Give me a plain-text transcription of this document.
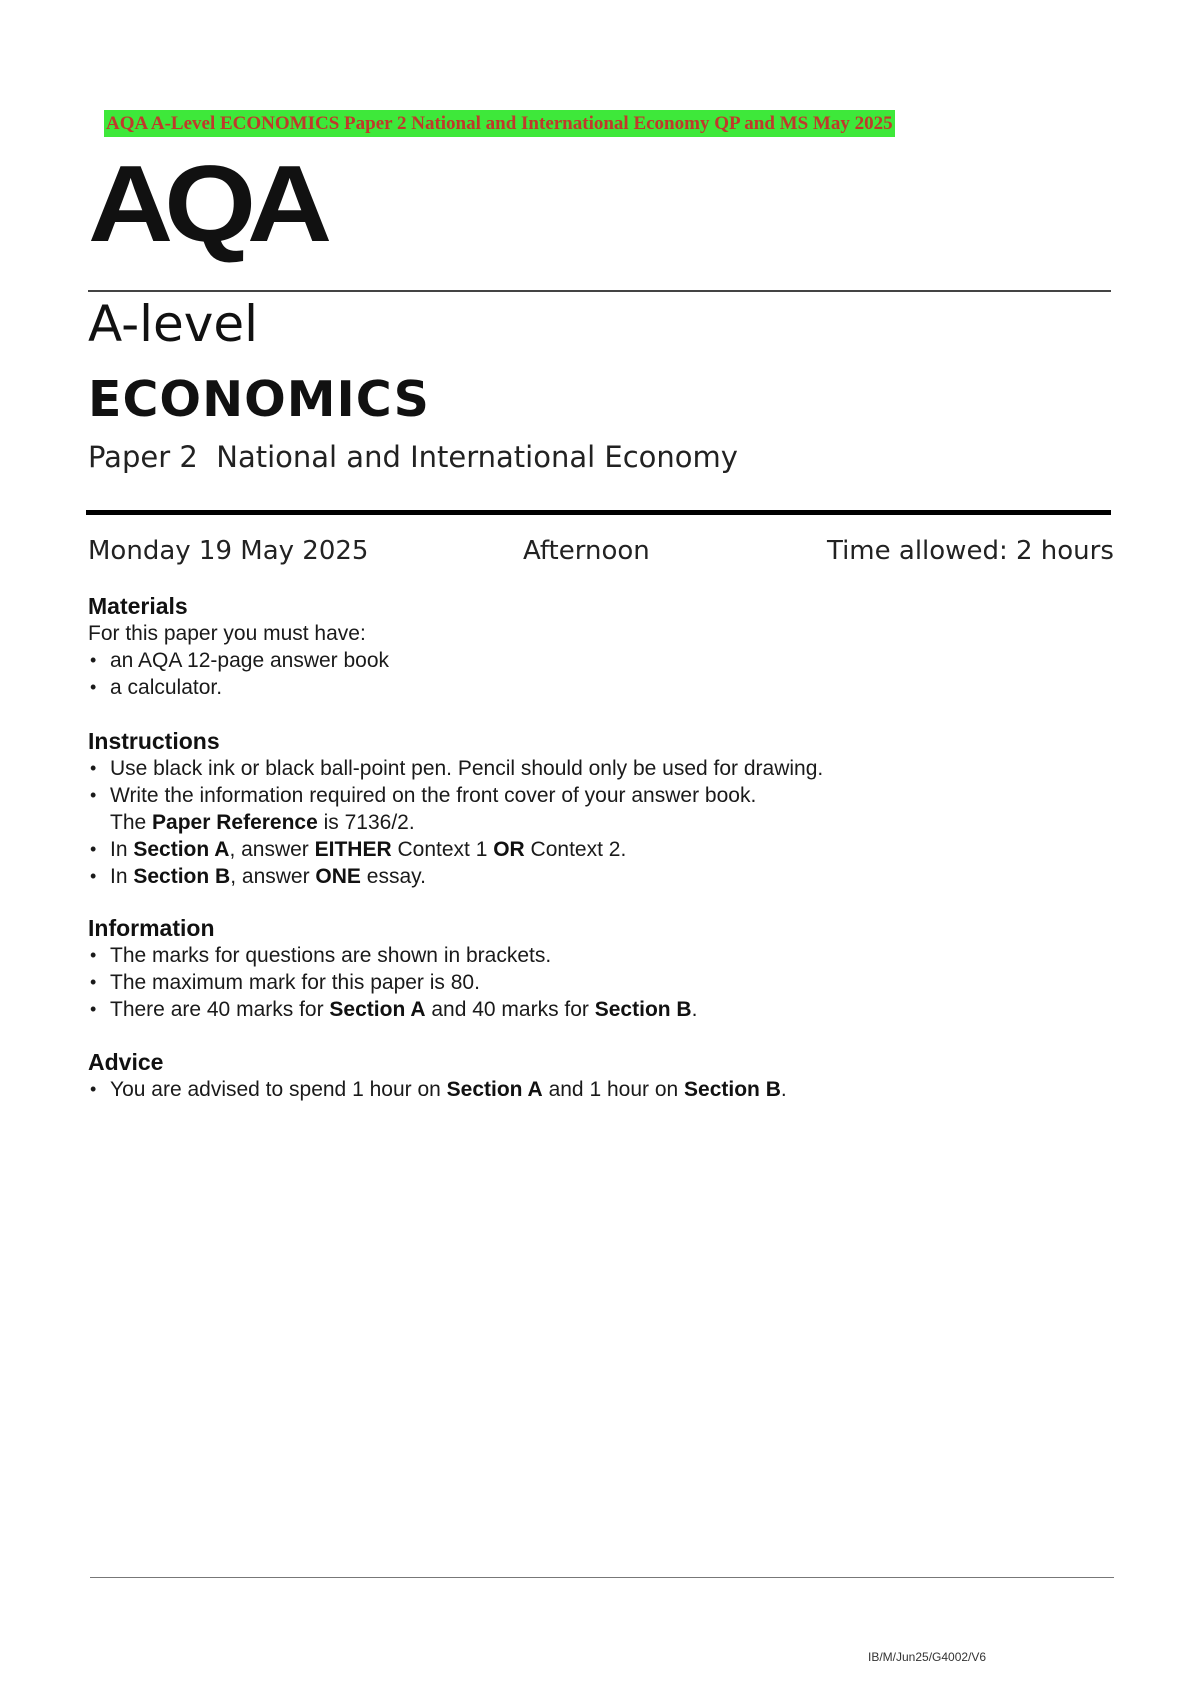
AQA A-Level ECONOMICS Paper 2 National and International Economy QP and MS May 2025
AQA
A-level
ECONOMICS
Paper 2 National and International Economy
Monday 19 May 2025	Afternoon	Time allowed: 2 hours
Materials
For this paper you must have:
• an AQA 12-page answer book
• a calculator.
Instructions
• Use black ink or black ball-point pen. Pencil should only be used for drawing.
• Write the information required on the front cover of your answer book.
The Paper Reference is 7136/2.
• In Section A, answer EITHER Context 1 OR Context 2.
• In Section B, answer ONE essay.
Information
• The marks for questions are shown in brackets.
• The maximum mark for this paper is 80.
• There are 40 marks for Section A and 40 marks for Section B.
Advice
• You are advised to spend 1 hour on Section A and 1 hour on Section B.
IB/M/Jun25/G4002/V6
